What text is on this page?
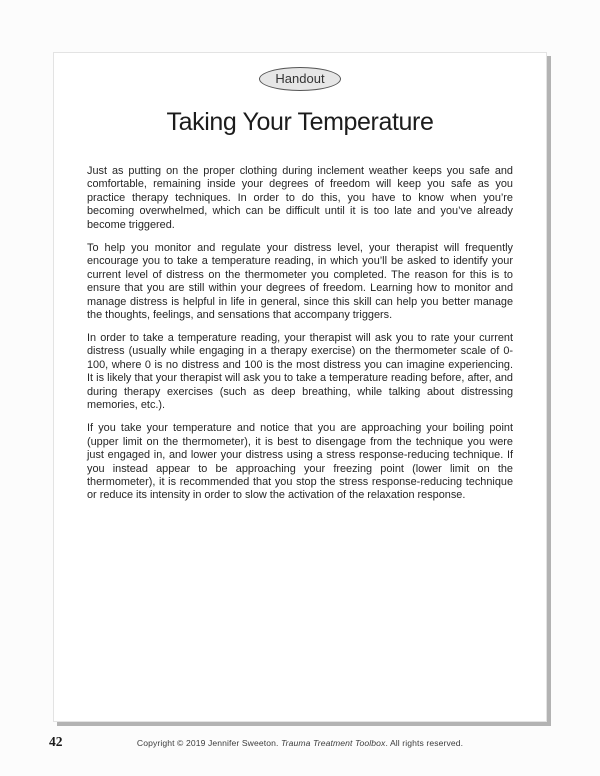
Handout
Taking Your Temperature

Just as putting on the proper clothing during inclement weather keeps you safe and comfortable, remaining inside your degrees of freedom will keep you safe as you practice therapy techniques. In order to do this, you have to know when you’re becoming overwhelmed, which can be difficult until it is too late and you’ve already become triggered.

To help you monitor and regulate your distress level, your therapist will frequently encourage you to take a temperature reading, in which you’ll be asked to identify your current level of distress on the thermometer you completed. The reason for this is to ensure that you are still within your degrees of freedom. Learning how to monitor and manage distress is helpful in life in general, since this skill can help you better manage the thoughts, feelings, and sensations that accompany triggers.

In order to take a temperature reading, your therapist will ask you to rate your current distress (usually while engaging in a therapy exercise) on the thermometer scale of 0-100, where 0 is no distress and 100 is the most distress you can imagine experiencing. It is likely that your therapist will ask you to take a temperature reading before, after, and during therapy exercises (such as deep breathing, while talking about distressing memories, etc.).

If you take your temperature and notice that you are approaching your boiling point (upper limit on the thermometer), it is best to disengage from the technique you were just engaged in, and lower your distress using a stress response-reducing technique. If you instead appear to be approaching your freezing point (lower limit on the thermometer), it is recommended that you stop the stress response-reducing technique or reduce its intensity in order to slow the activation of the relaxation response.

42	Copyright © 2019 Jennifer Sweeton. Trauma Treatment Toolbox. All rights reserved.
